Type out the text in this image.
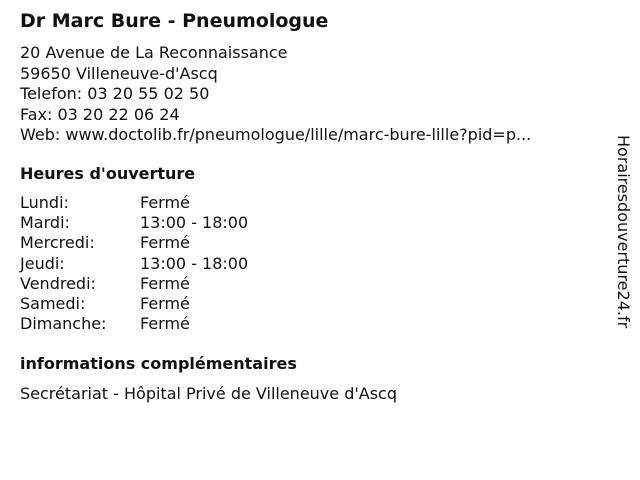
Dr Marc Bure - Pneumologue
20 Avenue de La Reconnaissance
59650 Villeneuve-d'Ascq
Telefon: 03 20 55 02 50
Fax: 03 20 22 06 24
Web: www.doctolib.fr/pneumologue/lille/marc-bure-lille?pid=p...
Heures d'ouverture
Lundi:	Fermé
Mardi:	13:00 - 18:00
Mercredi:	Fermé
Jeudi:	13:00 - 18:00
Vendredi:	Fermé
Samedi:	Fermé
Dimanche:	Fermé
informations complémentaires
Secrétariat - Hôpital Privé de Villeneuve d'Ascq
Horairesdouverture24.fr
